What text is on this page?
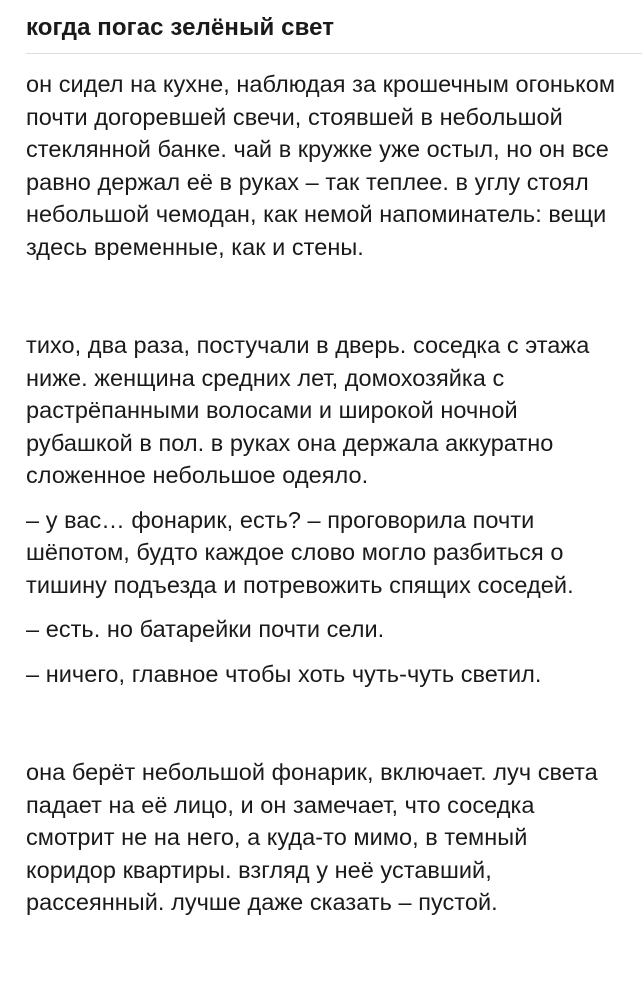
когда погас зелёный свет

он сидел на кухне, наблюдая за крошечным огоньком почти догоревшей свечи, стоявшей в небольшой стеклянной банке. чай в кружке уже остыл, но он все равно держал её в руках – так теплее. в углу стоял небольшой чемодан, как немой напоминатель: вещи здесь временные, как и стены.

тихо, два раза, постучали в дверь. соседка с этажа ниже. женщина средних лет, домохозяйка с растрёпанными волосами и широкой ночной рубашкой в пол. в руках она держала аккуратно сложенное небольшое одеяло.

– у вас… фонарик, есть? – проговорила почти шёпотом, будто каждое слово могло разбиться о тишину подъезда и потревожить спящих соседей.

– есть. но батарейки почти сели.

– ничего, главное чтобы хоть чуть-чуть светил.

она берёт небольшой фонарик, включает. луч света падает на её лицо, и он замечает, что соседка смотрит не на него, а куда-то мимо, в темный коридор квартиры. взгляд у неё уставший, рассеянный. лучше даже сказать – пустой.
